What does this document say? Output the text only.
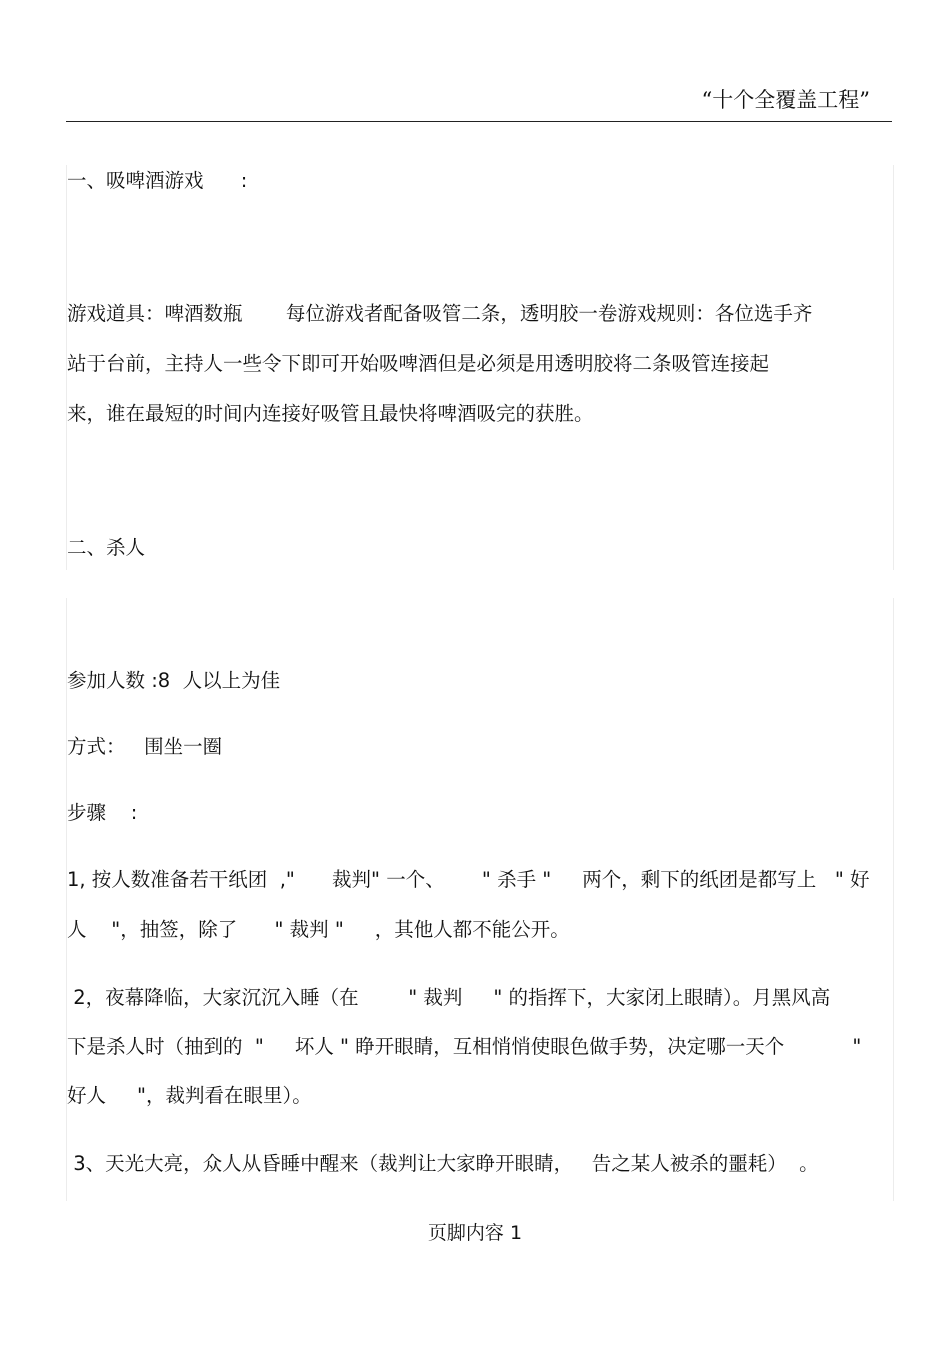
“十个全覆盖工程”
一、吸啤酒游戏      :
游戏道具：啤酒数瓶       每位游戏者配备吸管二条，透明胶一卷游戏规则：各位选手齐
站于台前，主持人一些令下即可开始吸啤酒但是必须是用透明胶将二条吸管连接起
来，谁在最短的时间内连接好吸管且最快将啤酒吸完的获胜。
二、杀人
参加人数 :8  人以上为佳
方式：   围坐一圈
步骤    :
1, 按人数准备若干纸团  ,"      裁判" 一个、      " 杀手 "     两个，剩下的纸团是都写上   " 好
人    "，抽签，除了      " 裁判 "     ，其他人都不能公开。
2，夜幕降临，大家沉沉入睡（在        " 裁判     " 的指挥下，大家闭上眼睛）。月黑风高
下是杀人时（抽到的  "     坏人 " 睁开眼睛，互相悄悄使眼色做手势，决定哪一天个           "
好人     "，裁判看在眼里）。
3、天光大亮，众人从昏睡中醒来（裁判让大家睁开眼睛，   告之某人被杀的噩耗）  。
页脚内容 1
